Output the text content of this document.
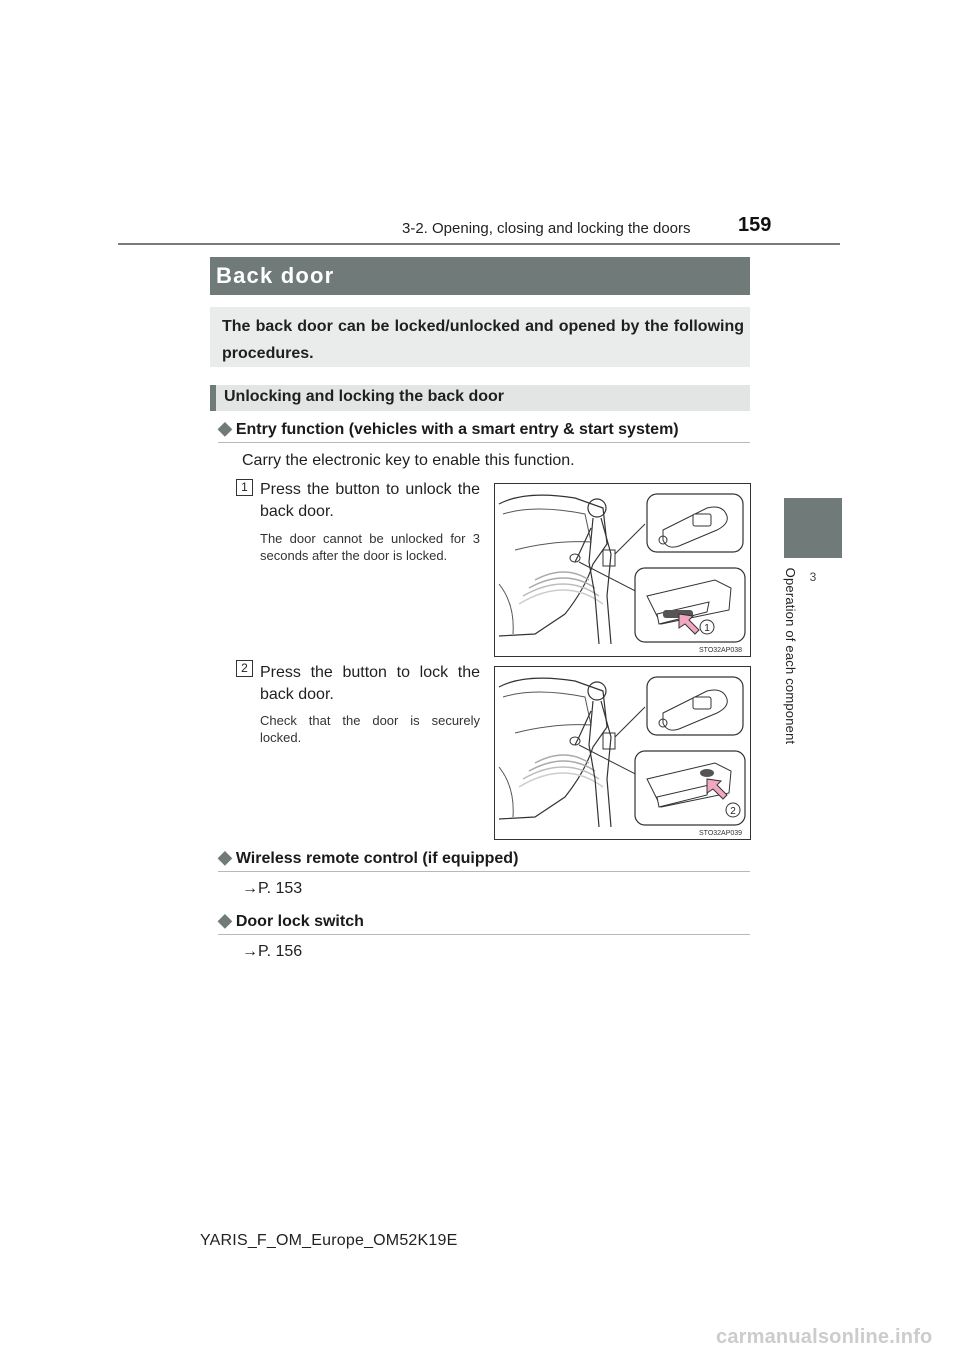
3-2. Opening, closing and locking the doors 159
3
Operation of each component
Back door
The back door can be locked/unlocked and opened by the following procedures.
Unlocking and locking the back door
◆ Entry function (vehicles with a smart entry & start system)
Carry the electronic key to enable this function.
1 Press the button to unlock the back door.
The door cannot be unlocked for 3 seconds after the door is locked.
1
STO32AP038
2 Press the button to lock the back door.
Check that the door is securely locked.
2
STO32AP039
◆ Wireless remote control (if equipped)
→P. 153
◆ Door lock switch
→P. 156
YARIS_F_OM_Europe_OM52K19E
carmanualsonline.info
